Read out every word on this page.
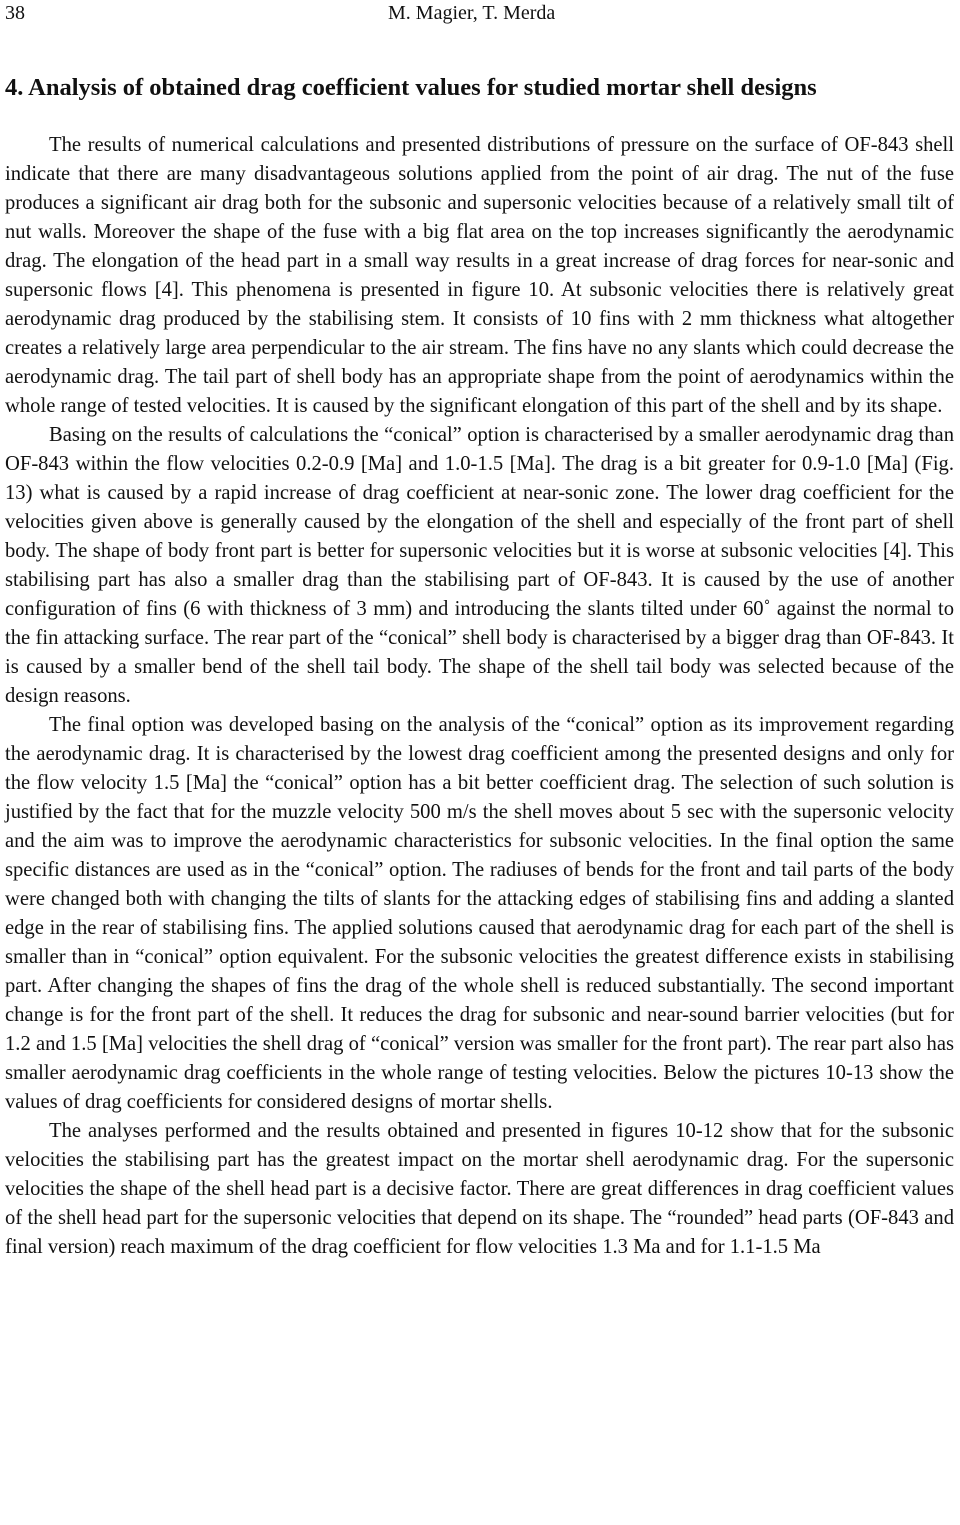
38	M. Magier, T. Merda
4. Analysis of obtained drag coefficient values for studied mortar shell designs

The results of numerical calculations and presented distributions of pressure on the surface of OF-843 shell indicate that there are many disadvantageous solutions applied from the point of air drag. The nut of the fuse produces a significant air drag both for the subsonic and supersonic velocities because of a relatively small tilt of nut walls. Moreover the shape of the fuse with a big flat area on the top increases significantly the aerodynamic drag. The elongation of the head part in a small way results in a great increase of drag forces for near-sonic and supersonic flows [4]. This phenomena is presented in figure 10. At subsonic velocities there is relatively great aerodynamic drag produced by the stabilising stem. It consists of 10 fins with 2 mm thickness what altogether creates a relatively large area perpendicular to the air stream. The fins have no any slants which could decrease the aerodynamic drag. The tail part of shell body has an appropriate shape from the point of aerodynamics within the whole range of tested velocities. It is caused by the significant elongation of this part of the shell and by its shape.

Basing on the results of calculations the “conical” option is characterised by a smaller aerodynamic drag than OF-843 within the flow velocities 0.2-0.9 [Ma] and 1.0-1.5 [Ma]. The drag is a bit greater for 0.9-1.0 [Ma] (Fig. 13) what is caused by a rapid increase of drag coefficient at near-sonic zone. The lower drag coefficient for the velocities given above is generally caused by the elongation of the shell and especially of the front part of shell body. The shape of body front part is better for supersonic velocities but it is worse at subsonic velocities [4]. This stabilising part has also a smaller drag than the stabilising part of OF-843. It is caused by the use of another configuration of fins (6 with thickness of 3 mm) and introducing the slants tilted under 60˚ against the normal to the fin attacking surface. The rear part of the “conical” shell body is characterised by a bigger drag than OF-843. It is caused by a smaller bend of the shell tail body. The shape of the shell tail body was selected because of the design reasons.

The final option was developed basing on the analysis of the “conical” option as its improvement regarding the aerodynamic drag. It is characterised by the lowest drag coefficient among the presented designs and only for the flow velocity 1.5 [Ma] the “conical” option has a bit better coefficient drag. The selection of such solution is justified by the fact that for the muzzle velocity 500 m/s the shell moves about 5 sec with the supersonic velocity and the aim was to improve the aerodynamic characteristics for subsonic velocities. In the final option the same specific distances are used as in the “conical” option. The radiuses of bends for the front and tail parts of the body were changed both with changing the tilts of slants for the attacking edges of stabilising fins and adding a slanted edge in the rear of stabilising fins. The applied solutions caused that aerodynamic drag for each part of the shell is smaller than in “conical” option equivalent. For the subsonic velocities the greatest difference exists in stabilising part. After changing the shapes of fins the drag of the whole shell is reduced substantially. The second important change is for the front part of the shell. It reduces the drag for subsonic and near-sound barrier velocities (but for 1.2 and 1.5 [Ma] velocities the shell drag of “conical” version was smaller for the front part). The rear part also has smaller aerodynamic drag coefficients in the whole range of testing velocities. Below the pictures 10-13 show the values of drag coefficients for considered designs of mortar shells.

The analyses performed and the results obtained and presented in figures 10-12 show that for the subsonic velocities the stabilising part has the greatest impact on the mortar shell aerodynamic drag. For the supersonic velocities the shape of the shell head part is a decisive factor. There are great differences in drag coefficient values of the shell head part for the supersonic velocities that depend on its shape. The “rounded” head parts (OF-843 and final version) reach maximum of the drag coefficient for flow velocities 1.3 Ma and for 1.1-1.5 Ma
